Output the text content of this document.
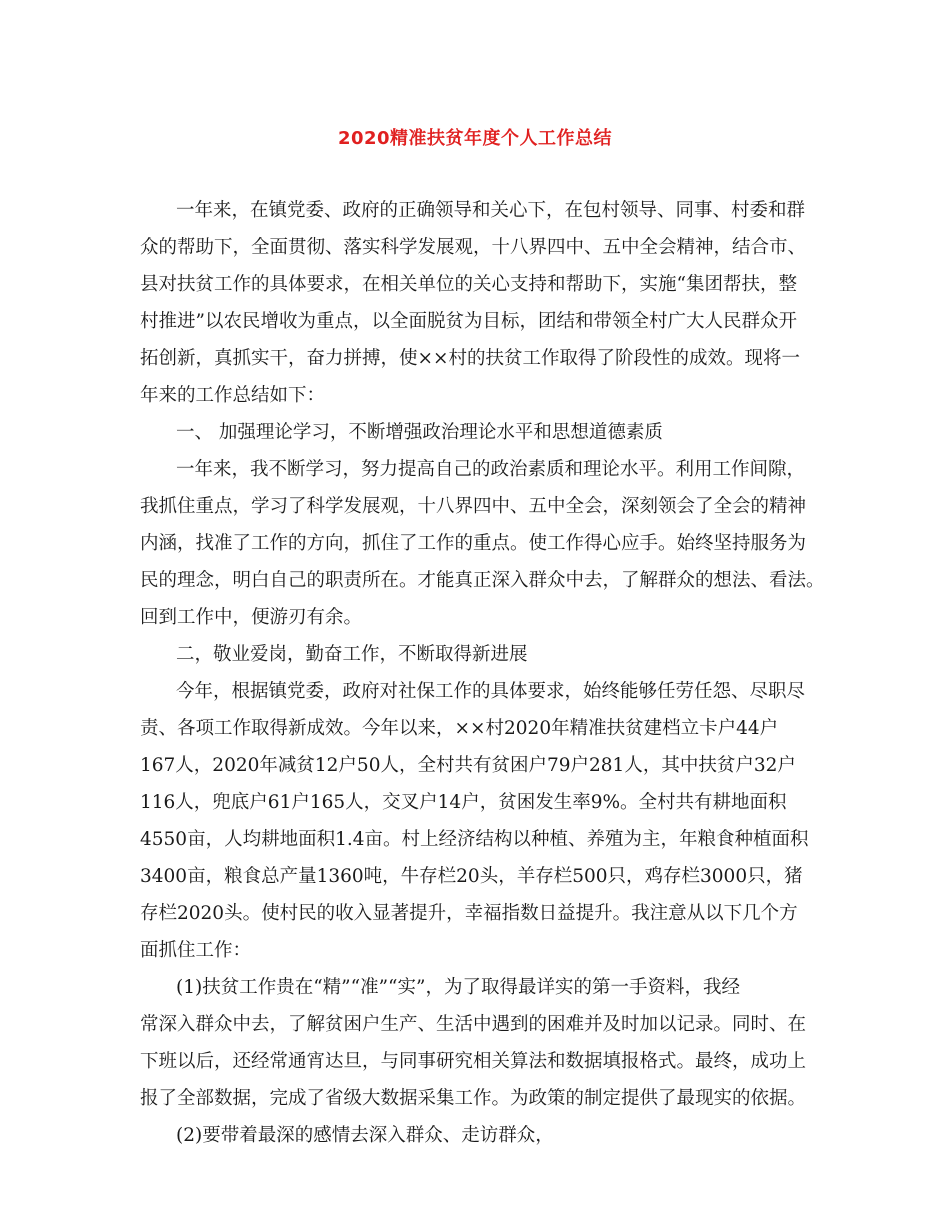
2020精准扶贫年度个人工作总结
一年来，在镇党委、政府的正确领导和关心下，在包村领导、同事、村委和群
众的帮助下，全面贯彻、落实科学发展观，十八界四中、五中全会精神，结合市、
县对扶贫工作的具体要求，在相关单位的关心支持和帮助下，实施“集团帮扶，整
村推进”以农民增收为重点，以全面脱贫为目标，团结和带领全村广大人民群众开
拓创新，真抓实干，奋力拼搏，使××村的扶贫工作取得了阶段性的成效。现将一
年来的工作总结如下：
一、 加强理论学习，不断增强政治理论水平和思想道德素质
一年来，我不断学习，努力提高自己的政治素质和理论水平。利用工作间隙，
我抓住重点，学习了科学发展观，十八界四中、五中全会，深刻领会了全会的精神
内涵，找准了工作的方向，抓住了工作的重点。使工作得心应手。始终坚持服务为
民的理念，明白自己的职责所在。才能真正深入群众中去，了解群众的想法、看法。
回到工作中，便游刃有余。
二，敬业爱岗，勤奋工作，不断取得新进展
今年，根据镇党委，政府对社保工作的具体要求，始终能够任劳任怨、尽职尽
责、各项工作取得新成效。今年以来，××村2020年精准扶贫建档立卡户44户
167人，2020年减贫12户50人，全村共有贫困户79户281人，其中扶贫户32户
116人，兜底户61户165人，交叉户14户，贫困发生率9%。全村共有耕地面积
4550亩，人均耕地面积1.4亩。村上经济结构以种植、养殖为主，年粮食种植面积
3400亩，粮食总产量1360吨，牛存栏20头，羊存栏500只，鸡存栏3000只，猪
存栏2020头。使村民的收入显著提升，幸福指数日益提升。我注意从以下几个方
面抓住工作：
(1)扶贫工作贵在“精”“准”“实”，为了取得最详实的第一手资料，我经
常深入群众中去，了解贫困户生产、生活中遇到的困难并及时加以记录。同时、在
下班以后，还经常通宵达旦，与同事研究相关算法和数据填报格式。最终，成功上
报了全部数据，完成了省级大数据采集工作。为政策的制定提供了最现实的依据。
(2)要带着最深的感情去深入群众、走访群众，
